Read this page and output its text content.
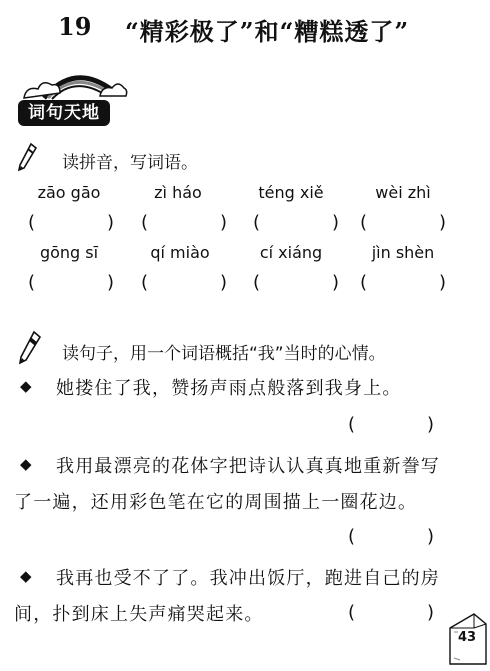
19 “精彩极了”和“糟糕透了”
词句天地
读拼音，写词语。
zāo gāo	zì háo	téng xiě	wèi zhì
(　　　　) (　　　　) (　　　　) (　　　　)
gōng sī	qí miào	cí xiáng	jìn shèn
(　　　　) (　　　　) (　　　　) (　　　　)
读句子，用一个词语概括“我”当时的心情。
◆ 她搂住了我，赞扬声雨点般落到我身上。
(　　　　)
◆ 我用最漂亮的花体字把诗认认真真地重新誊写
了一遍，还用彩色笔在它的周围描上一圈花边。
(　　　　)
◆ 我再也受不了了。我冲出饭厅，跑进自己的房
间，扑到床上失声痛哭起来。	(　　　　)
43
